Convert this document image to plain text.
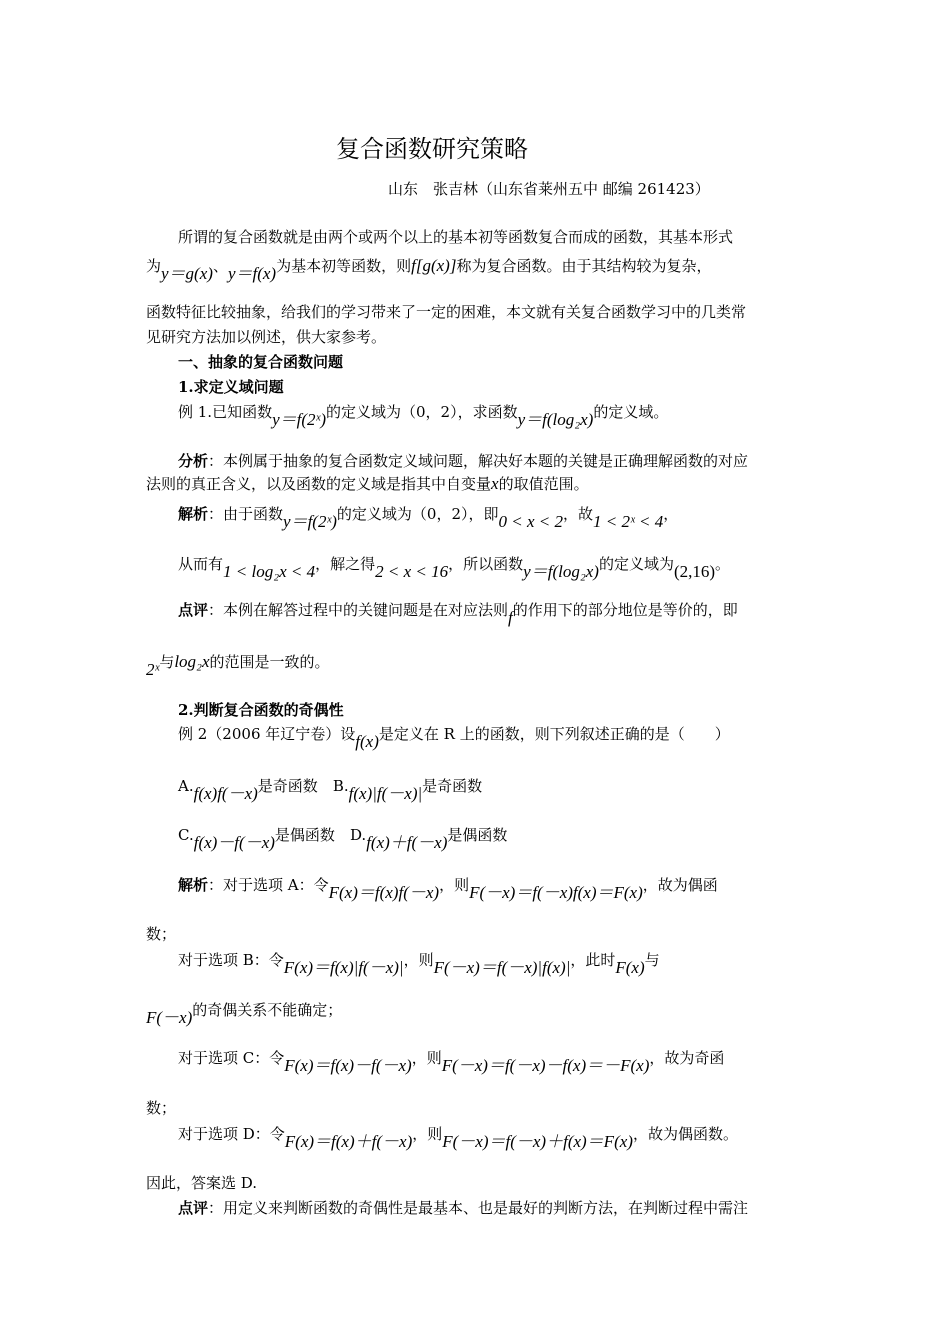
复合函数研究策略
山东　张吉林（山东省莱州五中 邮编 261423）
所谓的复合函数就是由两个或两个以上的基本初等函数复合而成的函数，其基本形式
为y＝g(x)、y＝f(x)为基本初等函数，则f[g(x)]称为复合函数。由于其结构较为复杂，
函数特征比较抽象，给我们的学习带来了一定的困难，本文就有关复合函数学习中的几类常
见研究方法加以例述，供大家参考。
一、抽象的复合函数问题
1.求定义域问题
例 1.已知函数y＝f(2ˣ)的定义域为（0，2），求函数y＝f(log₂x)的定义域。
分析：本例属于抽象的复合函数定义域问题，解决好本题的关键是正确理解函数的对应
法则的真正含义，以及函数的定义域是指其中自变量x的取值范围。
解析：由于函数y＝f(2ˣ)的定义域为（0，2），即0 < x < 2，故1 < 2ˣ < 4，
从而有1 < log₂x < 4，解之得2 < x < 16，所以函数y＝f(log₂x)的定义域为(2,16)。
点评：本例在解答过程中的关键问题是在对应法则f的作用下的部分地位是等价的，即
2ˣ与log₂x的范围是一致的。
2.判断复合函数的奇偶性
例 2（2006 年辽宁卷）设f(x)是定义在 R 上的函数，则下列叙述正确的是（　　）
A.f(x)f(－x)是奇函数　 B.f(x)|f(－x)|是奇函数
C.f(x)－f(－x)是偶函数　 D.f(x)＋f(－x)是偶函数
解析：对于选项 A：令F(x)＝f(x)f(－x)，则F(－x)＝f(－x)f(x)＝F(x)，故为偶函
数；
对于选项 B：令F(x)＝f(x)|f(－x)|，则F(－x)＝f(－x)|f(x)|，此时F(x)与
F(－x)的奇偶关系不能确定；
对于选项 C：令F(x)＝f(x)－f(－x)，则F(－x)＝f(－x)－f(x)＝－F(x)，故为奇函
数；
对于选项 D：令F(x)＝f(x)＋f(－x)，则F(－x)＝f(－x)＋f(x)＝F(x)，故为偶函数。
因此，答案选 D.
点评：用定义来判断函数的奇偶性是最基本、也是最好的判断方法，在判断过程中需注
